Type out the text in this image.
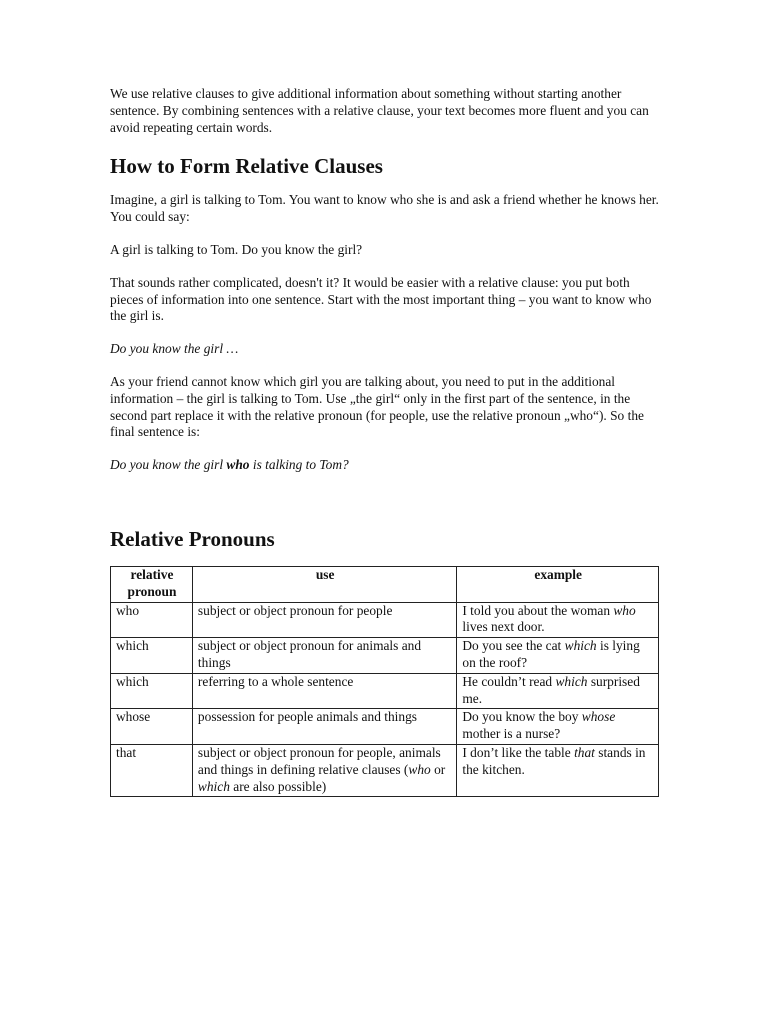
We use relative clauses to give additional information about something without starting another sentence. By combining sentences with a relative clause, your text becomes more fluent and you can avoid repeating certain words.

How to Form Relative Clauses

Imagine, a girl is talking to Tom. You want to know who she is and ask a friend whether he knows her. You could say:

A girl is talking to Tom. Do you know the girl?

That sounds rather complicated, doesn't it? It would be easier with a relative clause: you put both pieces of information into one sentence. Start with the most important thing – you want to know who the girl is.

Do you know the girl …

As your friend cannot know which girl you are talking about, you need to put in the additional information – the girl is talking to Tom. Use „the girl“ only in the first part of the sentence, in the second part replace it with the relative pronoun (for people, use the relative pronoun „who“). So the final sentence is:

Do you know the girl who is talking to Tom?

Relative Pronouns
relative pronoun	use	example
who	subject or object pronoun for people	I told you about the woman who lives next door.
which	subject or object pronoun for animals and things	Do you see the cat which is lying on the roof?
which	referring to a whole sentence	He couldn’t read which surprised me.
whose	possession for people animals and things	Do you know the boy whose mother is a nurse?
that	subject or object pronoun for people, animals and things in defining relative clauses (who or which are also possible)	I don’t like the table that stands in the kitchen.
